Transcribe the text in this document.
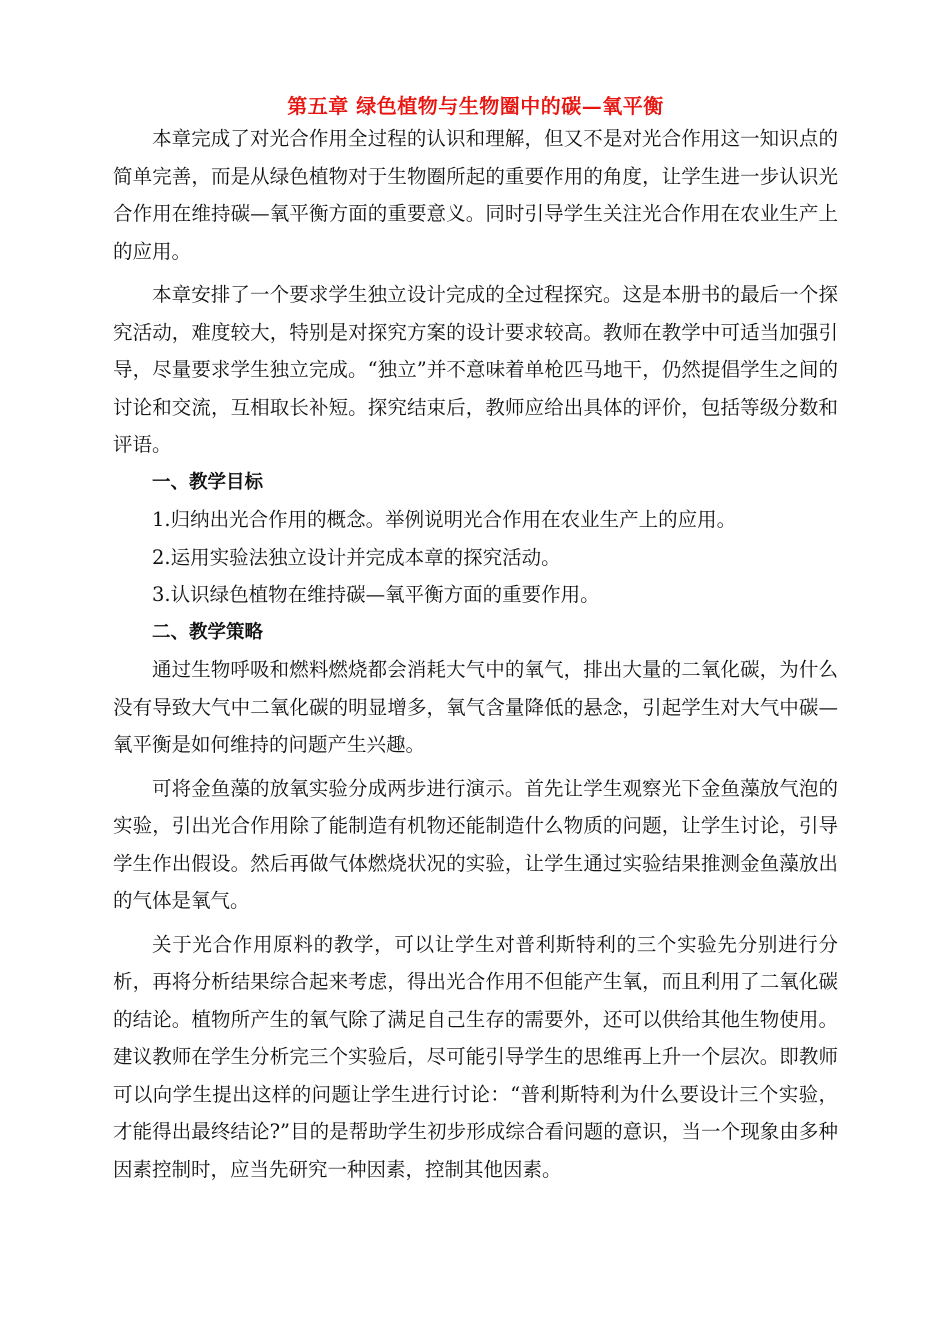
第五章 绿色植物与生物圈中的碳—氧平衡

本章完成了对光合作用全过程的认识和理解，但又不是对光合作用这一知识点的简单完善，而是从绿色植物对于生物圈所起的重要作用的角度，让学生进一步认识光合作用在维持碳—氧平衡方面的重要意义。同时引导学生关注光合作用在农业生产上的应用。

本章安排了一个要求学生独立设计完成的全过程探究。这是本册书的最后一个探究活动，难度较大，特别是对探究方案的设计要求较高。教师在教学中可适当加强引导，尽量要求学生独立完成。“独立”并不意味着单枪匹马地干，仍然提倡学生之间的讨论和交流，互相取长补短。探究结束后，教师应给出具体的评价，包括等级分数和评语。

一、教学目标

1.归纳出光合作用的概念。举例说明光合作用在农业生产上的应用。

2.运用实验法独立设计并完成本章的探究活动。

3.认识绿色植物在维持碳—氧平衡方面的重要作用。

二、教学策略

通过生物呼吸和燃料燃烧都会消耗大气中的氧气，排出大量的二氧化碳，为什么没有导致大气中二氧化碳的明显增多，氧气含量降低的悬念，引起学生对大气中碳—氧平衡是如何维持的问题产生兴趣。

可将金鱼藻的放氧实验分成两步进行演示。首先让学生观察光下金鱼藻放气泡的实验，引出光合作用除了能制造有机物还能制造什么物质的问题，让学生讨论，引导学生作出假设。然后再做气体燃烧状况的实验，让学生通过实验结果推测金鱼藻放出的气体是氧气。

关于光合作用原料的教学，可以让学生对普利斯特利的三个实验先分别进行分析，再将分析结果综合起来考虑，得出光合作用不但能产生氧，而且利用了二氧化碳的结论。植物所产生的氧气除了满足自己生存的需要外，还可以供给其他生物使用。建议教师在学生分析完三个实验后，尽可能引导学生的思维再上升一个层次。即教师可以向学生提出这样的问题让学生进行讨论：“普利斯特利为什么要设计三个实验，才能得出最终结论?”目的是帮助学生初步形成综合看问题的意识，当一个现象由多种因素控制时，应当先研究一种因素，控制其他因素。
